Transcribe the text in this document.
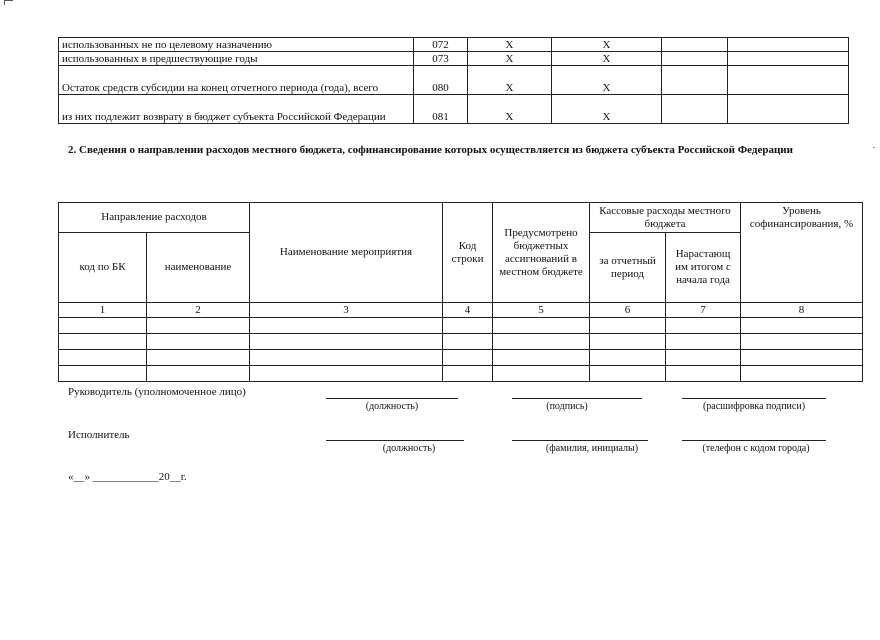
использованных не по целевому назначению	072	X	X		
использованных в предшествующие годы	073	X	X		
Остаток средств субсидии на конец отчетного периода (года), всего	080	X	X		
из них подлежит возврату в бюджет субъекта Российской Федерации	081	X	X		
2. Сведения о направлении расходов местного бюджета, софинансирование которых осуществляется из бюджета субъекта Российской Федерации	·
Направление расходов		Наименование мероприятия	Код строки	Предусмотрено бюджетных ассигнований в местном бюджете	Кассовые расходы местного бюджета		Уровень софинансирования, %
код по БК	наименование				за отчетный период	Нарастающ им итогом с начала года	
1	2	3	4	5	6	7	8

Руководитель (уполномоченное лицо)
(должность)	(подпись)	(расшифровка подписи)
Исполнитель
(должность)	(фамилия, инициалы)	(телефон с кодом города)
«__» ____________20__г.
